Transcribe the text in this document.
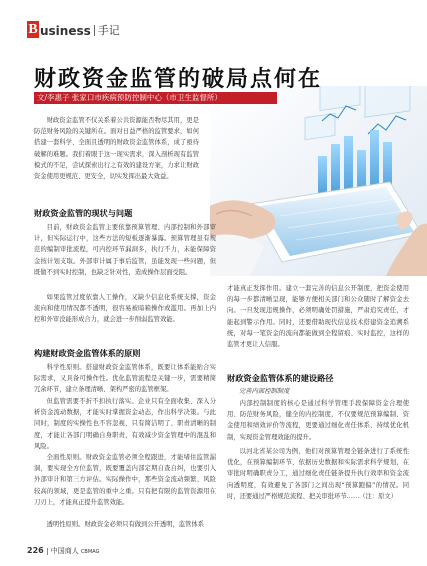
B usiness 手记
财政资金监管的破局点何在
文/李惠子 张家口市疾病预防控制中心（市卫生监督所）

财政资金监管不仅关系着公共资源能否物尽其用，更是防范财务风险的关键所在。面对日益严格的监管要求，如何搭建一套科学、全面且透明的财政资金监管体系，成了亟待破解的难题。我们着眼于这一现实需求，深入剖析现有监管模式的不足，尝试探索出行之有效的建设方案，力求让财政资金使用更规范、更安全，切实发挥出最大效益。

财政资金监管的现状与问题

目前，财政资金监管主要依靠预算管理、内部控制和外部审计，但实际运行中，这些方法的短板逐渐暴露。预算管理虽有规范的编制审批流程，可内控环节漏洞多，执行不力，未能保障资金按计划支取。外部审计属于事后监管，虽能发现一些问题，但既做不到实时控制，也缺乏针对性，造成操作层面受阻。

如果监管过度依靠人工操作，又缺少信息化系统支撑，资金流向和使用情况都不透明，很容易被暗箱操作或滥用。再加上内控和外审没能形成合力，就会进一步削弱监管效能。

才能真正发挥作用。建立一套完善的信息公开制度，把资金使用的每一步都清晰呈现，能够方便相关部门和公众随时了解资金去向。一旦发现违规操作，必须明确处罚措施，严肃追究责任，才能起到警示作用。同时，还要借助现代信息技术搭建资金追溯系统，对每一笔资金的流向都能做到全程留痕、实时监控，这样的监管才更让人信服。

构建财政资金监管体系的原则

科学性原则。搭建财政资金监管体系，既要让体系能贴合实际需求，又具备可操作性。优化监管流程是关键一步，需要精简冗余环节，建立条理清晰、架构严密的监管框架。

但监管需要不折不扣执行落实。企业只有全面收集、深入分析资金流动数据，才能实时掌握资金动态，作出科学决策。与此同时，制度的实操性也不容忽视，只有简洁明了、职责清晰的制度，才能让各部门明确自身职责，有效减少资金管理中的混乱和风险。

全面性原则。财政资金监管必须全程跟进，才能堵住监管漏洞，要实现全方位监管，既要覆盖内部定期自查自纠，也要引入外部审计和第三方评估。实际操作中，那些资金流动频繁、风险较高的领域，更是监管的重中之重。只有把有限的监管资源用在刀刃上，才能真正提升监管效能。

透明性原则。财政资金必须只有做到公开透明，监管体系

财政资金监管体系的建设路径
完善内部控制制度

内部控制制度的核心是通过科学管理手段保障资金合理使用、防范财务风险，健全的内控制度，不仅要规范预算编制、资金使用和绩效评价等流程，更要通过细化责任体系、持续优化机制，实现资金管理效能的提升。

以河北省某公司为例，他们对预算管理全链条进行了系统性优化，在预算编制环节，依据历史数据和实际需求科学规划，在审批时明确职责分工，通过细化责任链条提升执行效率和资金流向透明度，有效避免了各部门之间出现“预算跑偏”的情况。同时，还要通过严格规范流程、把关审批环节……（注：原文）

226 中国商人 CBMAG
